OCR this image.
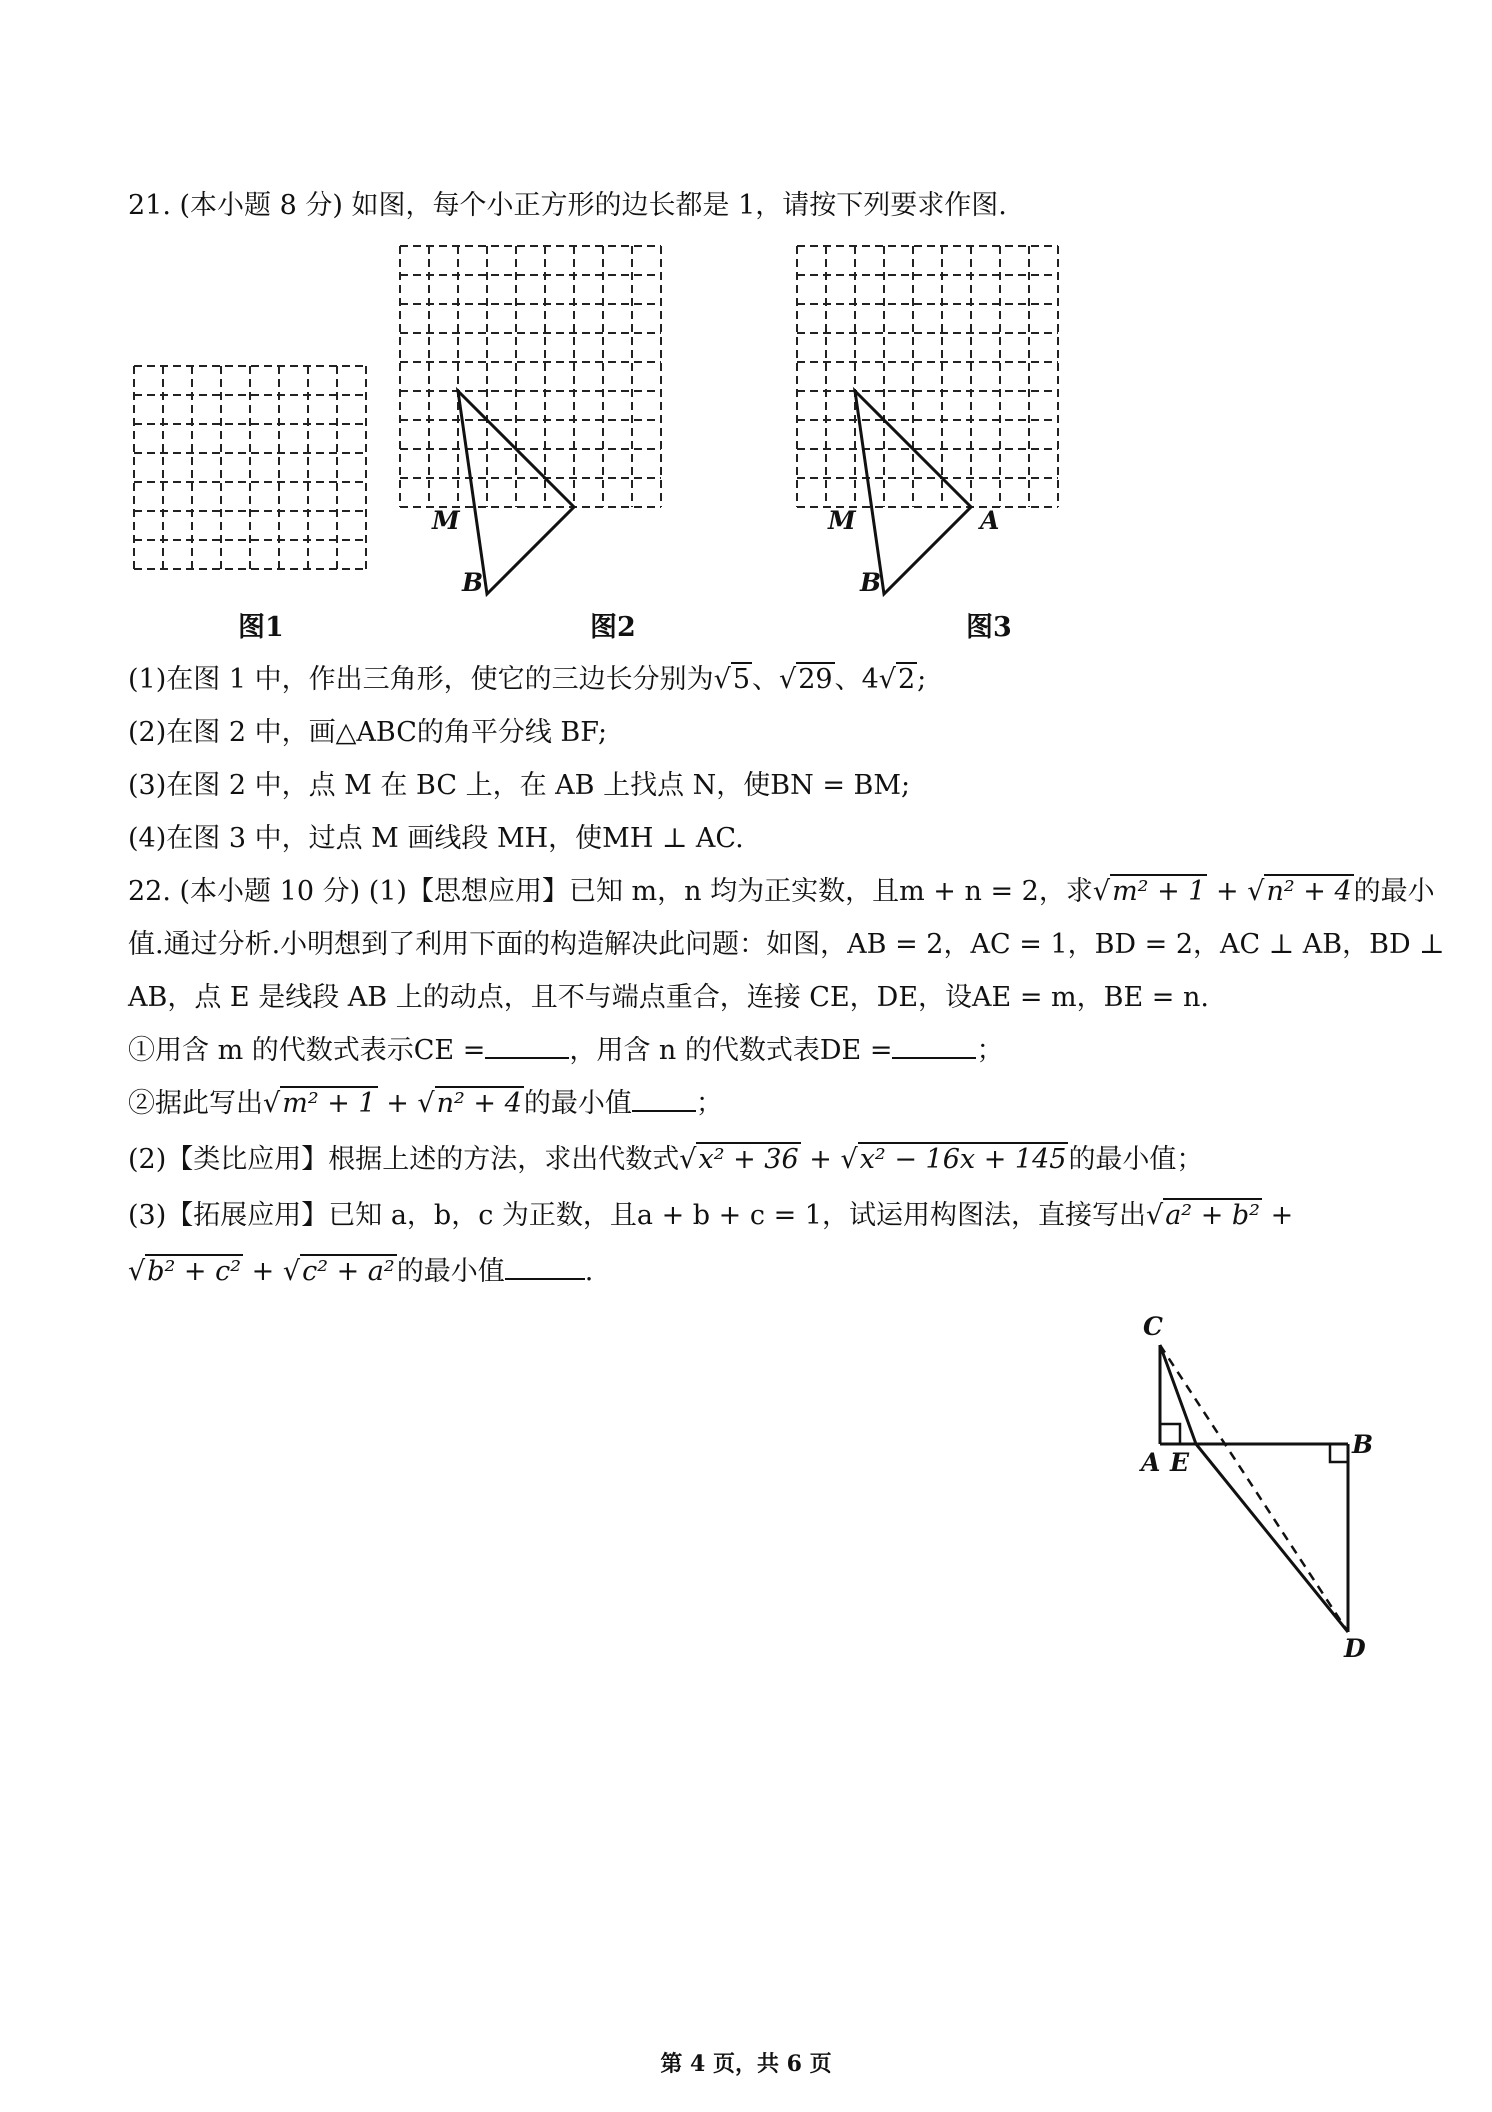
21. (本小题 8 分) 如图，每个小正方形的边长都是 1，请按下列要求作图.
图1	图2	图3
M
B
M
B
A
(1)在图 1 中，作出三角形，使它的三边长分别为√5、√29、4√2;
(2)在图 2 中，画△ABC的角平分线 BF;
(3)在图 2 中，点 M 在 BC 上，在 AB 上找点 N，使BN = BM;
(4)在图 3 中，过点 M 画线段 MH，使MH ⊥ AC.
22. (本小题 10 分) (1)【思想应用】已知 m，n 均为正实数，且m + n = 2，求√m² + 1 + √n² + 4的最小
值.通过分析.小明想到了利用下面的构造解决此问题：如图，AB = 2，AC = 1，BD = 2，AC ⊥ AB，BD ⊥
AB，点 E 是线段 AB 上的动点，且不与端点重合，连接 CE，DE，设AE = m，BE = n.
①用含 m 的代数式表示CE =	，用含 n 的代数式表DE =	；
②据此写出√m² + 1 + √n² + 4的最小值 ；
(2)【类比应用】根据上述的方法，求出代数式√x² + 36 + √x² − 16x + 145的最小值；
(3)【拓展应用】已知 a，b，c 为正数，且a + b + c = 1，试运用构图法，直接写出√a² + b² +
√b² + c² + √c² + a²的最小值	.
C
A E
B
D
第 4 页，共 6 页
